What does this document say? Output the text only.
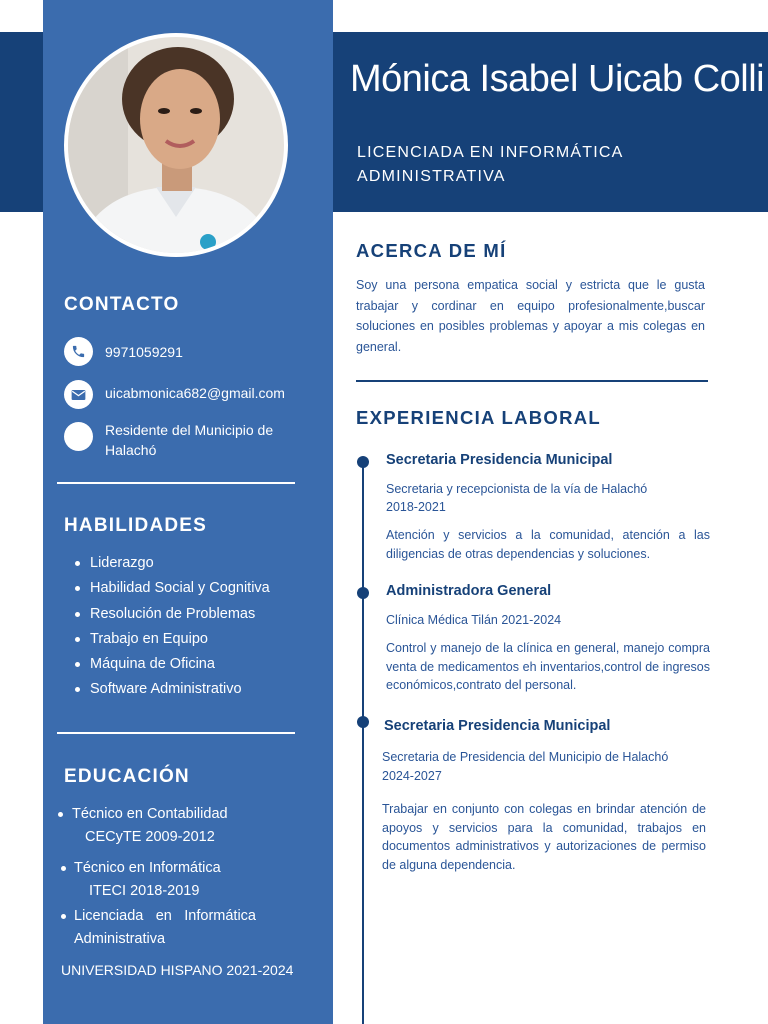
Mónica Isabel Uicab Colli
LICENCIADA EN INFORMÁTICA ADMINISTRATIVA
CONTACTO
9971059291
uicabmonica682@gmail.com
Residente del Municipio de Halachó
HABILIDADES
Liderazgo
Habilidad Social y Cognitiva
Resolución de Problemas
Trabajo en Equipo
Máquina de Oficina
Software Administrativo
EDUCACIÓN
Técnico en Contabilidad
CECyTE 2009-2012
Técnico en Informática
ITECI 2018-2019
Licenciada en Informática
Administrativa
UNIVERSIDAD HISPANO 2021-2024
ACERCA DE MÍ
Soy una persona empatica social y estricta que le gusta trabajar y cordinar en equipo profesionalmente,buscar soluciones en posibles problemas y apoyar a mis colegas en general.
EXPERIENCIA LABORAL
Secretaria Presidencia Municipal
Secretaria y recepcionista de la vía de Halachó
2018-2021
Atención y servicios a la comunidad, atención a las diligencias de otras dependencias y soluciones.
Administradora General
Clínica Médica Tilán 2021-2024
Control y manejo de la clínica en general, manejo compra venta de medicamentos eh inventarios,control de ingresos económicos,contrato del personal.
Secretaria Presidencia Municipal
Secretaria de Presidencia del Municipio de Halachó
2024-2027
Trabajar en conjunto con colegas en brindar atención de apoyos y servicios para la comunidad, trabajos en documentos administrativos y autorizaciones de permiso de alguna dependencia.
